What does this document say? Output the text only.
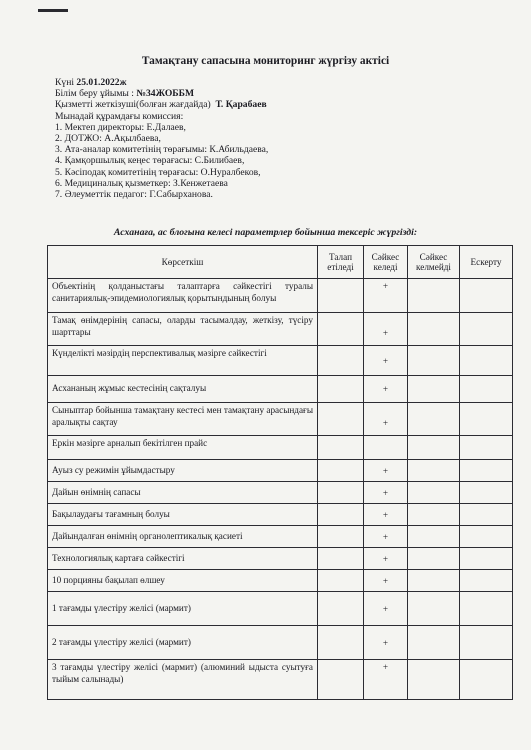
Тамақтану сапасына мониторинг жүргізу актісі
Күні 25.01.2022ж
Білім беру ұйымы : №34ЖОББМ
Қызметті жеткізуші(болған жағдайда) Т. Қарабаев
Мынадай құрамдағы комиссия:
1. Мектеп директоры: Е.Далаев,
2. ДОТЖО: А.Ақылбаева,
3. Ата-аналар комитетінің төрағымы: К.Абильдаева,
4. Қамқоршылық кеңес төрағасы: С.Билибаев,
5. Кәсіподақ комитетінің төрағасы: О.Нуралбеков,
6. Медициналық қызметкер: З.Кенжетаева
7. Әлеуметтік педагог: Г.Сабырханова.
Асханаға, ас блогына келесі параметрлер бойынша тексеріс жүргізді:
Көрсеткіш	Талап етіледі	Сәйкес келеді	Сәйкес келмейді	Ескерту
Объектінің қолданыстағы талаптарға сәйкестігі туралы санитариялық-эпидемиологиялық қорытындының болуы		+		
Тамақ өнімдерінің сапасы, оларды тасымалдау, жеткізу, түсіру шарттары		+		
Күнделікті мәзірдің перспективалық мәзірге сәйкестігі		+		
Асхананың жұмыс кестесінің сақталуы		+		
Сыныптар бойынша тамақтану кестесі мен тамақтану арасындағы аралықты сақтау		+		
Еркін мәзірге арналып бекітілген прайс				
Ауыз су режимін ұйымдастыру		+		
Дайын өнімнің сапасы		+		
Бақылаудағы тағамның болуы		+		
Дайындалған өнімнің органолептикалық қасиеті		+		
Технологиялық картаға сәйкестігі		+		
10 порцияны бақылап өлшеу		+		
1 тағамды үлестіру желісі (мармит)		+		
2 тағамды үлестіру желісі (мармит)		+		
3 тағамды үлестіру желісі (мармит) (алюминий ыдыста суытуға тыйым салынады)		+		
